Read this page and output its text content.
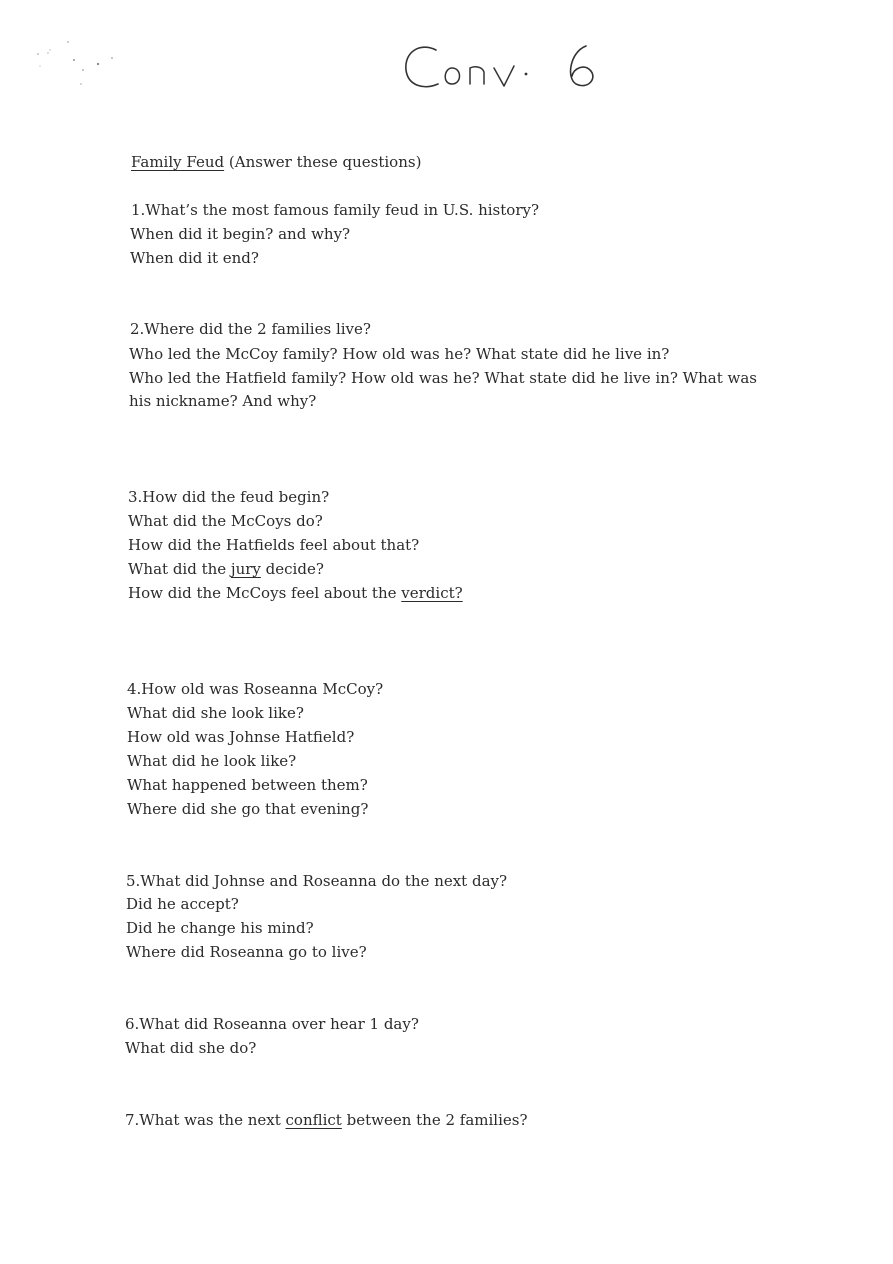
Family Feud (Answer these questions)
1.What’s the most famous family feud in U.S. history?
When did it begin? and why?
When did it end?
2.Where did the 2 families live?
Who led the McCoy family? How old was he? What state did he live in?
Who led the Hatfield family? How old was he? What state did he live in? What was his nickname? And why?
3.How did the feud begin?
What did the McCoys do?
How did the Hatfields feel about that?
What did the jury decide?
How did the McCoys feel about the verdict?
4.How old was Roseanna McCoy?
What did she look like?
How old was Johnse Hatfield?
What did he look like?
What happened between them?
Where did she go that evening?
5.What did Johnse and Roseanna do the next day?
Did he accept?
Did he change his mind?
Where did Roseanna go to live?
6.What did Roseanna over hear 1 day?
What did she do?
7.What was the next conflict between the 2 families?
